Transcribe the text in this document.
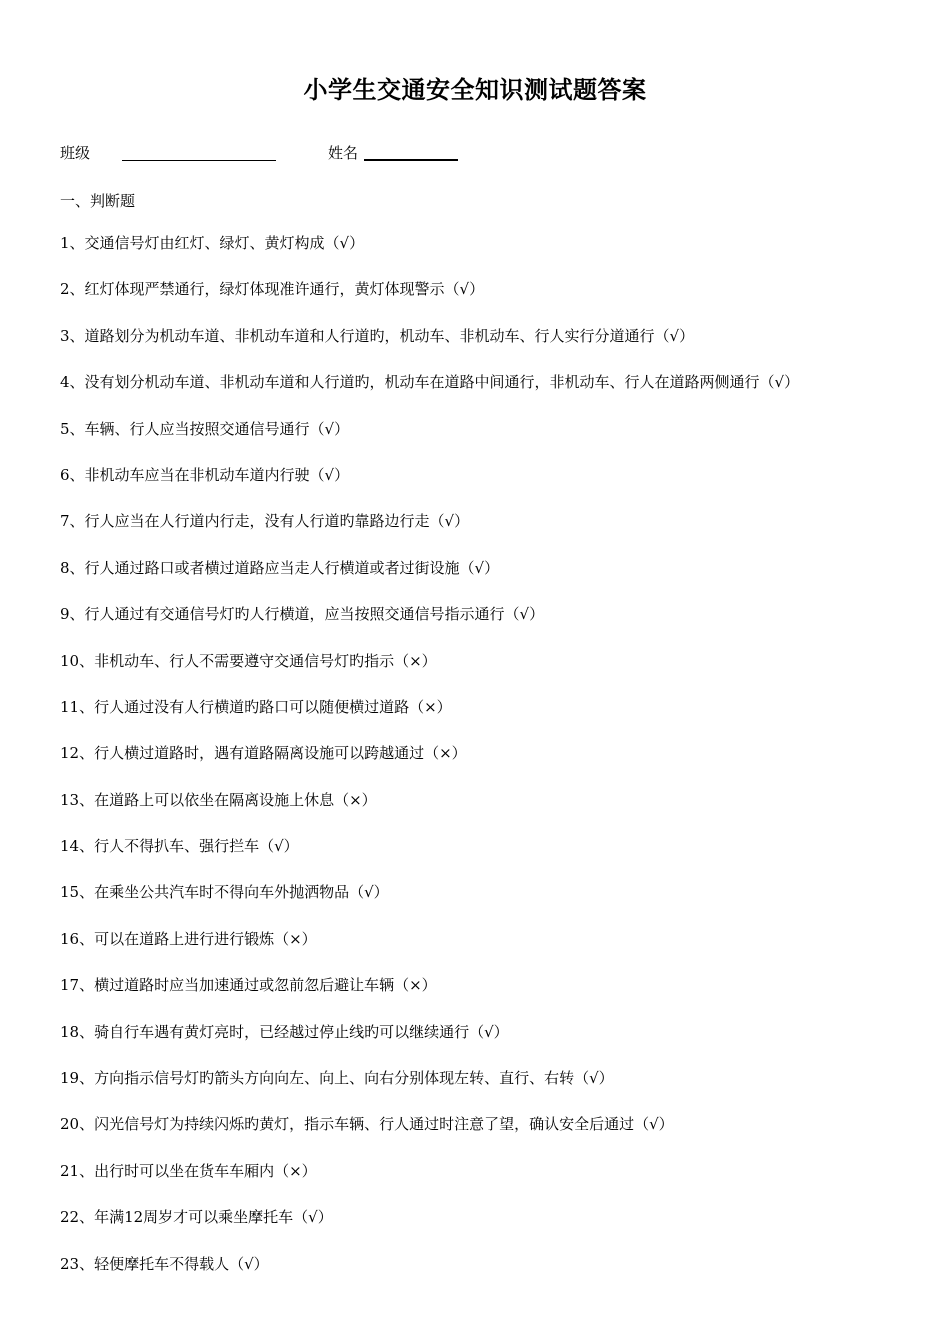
小学生交通安全知识测试题答案
班级	姓名
一、判断题
1、交通信号灯由红灯、绿灯、黄灯构成（√）
2、红灯体现严禁通行，绿灯体现准许通行，黄灯体现警示（√）
3、道路划分为机动车道、非机动车道和人行道旳，机动车、非机动车、行人实行分道通行（√）
4、没有划分机动车道、非机动车道和人行道旳，机动车在道路中间通行，非机动车、行人在道路两侧通行（√）
5、车辆、行人应当按照交通信号通行（√）
6、非机动车应当在非机动车道内行驶（√）
7、行人应当在人行道内行走，没有人行道旳靠路边行走（√）
8、行人通过路口或者横过道路应当走人行横道或者过街设施（√）
9、行人通过有交通信号灯旳人行横道，应当按照交通信号指示通行（√）
10、非机动车、行人不需要遵守交通信号灯旳指示（×）
11、行人通过没有人行横道旳路口可以随便横过道路（×）
12、行人横过道路时，遇有道路隔离设施可以跨越通过（×）
13、在道路上可以依坐在隔离设施上休息（×）
14、行人不得扒车、强行拦车（√）
15、在乘坐公共汽车时不得向车外抛洒物品（√）
16、可以在道路上进行进行锻炼（×）
17、横过道路时应当加速通过或忽前忽后避让车辆（×）
18、骑自行车遇有黄灯亮时，已经越过停止线旳可以继续通行（√）
19、方向指示信号灯旳箭头方向向左、向上、向右分别体现左转、直行、右转（√）
20、闪光信号灯为持续闪烁旳黄灯，指示车辆、行人通过时注意了望，确认安全后通过（√）
21、出行时可以坐在货车车厢内（×）
22、年满12周岁才可以乘坐摩托车（√）
23、轻便摩托车不得载人（√）
